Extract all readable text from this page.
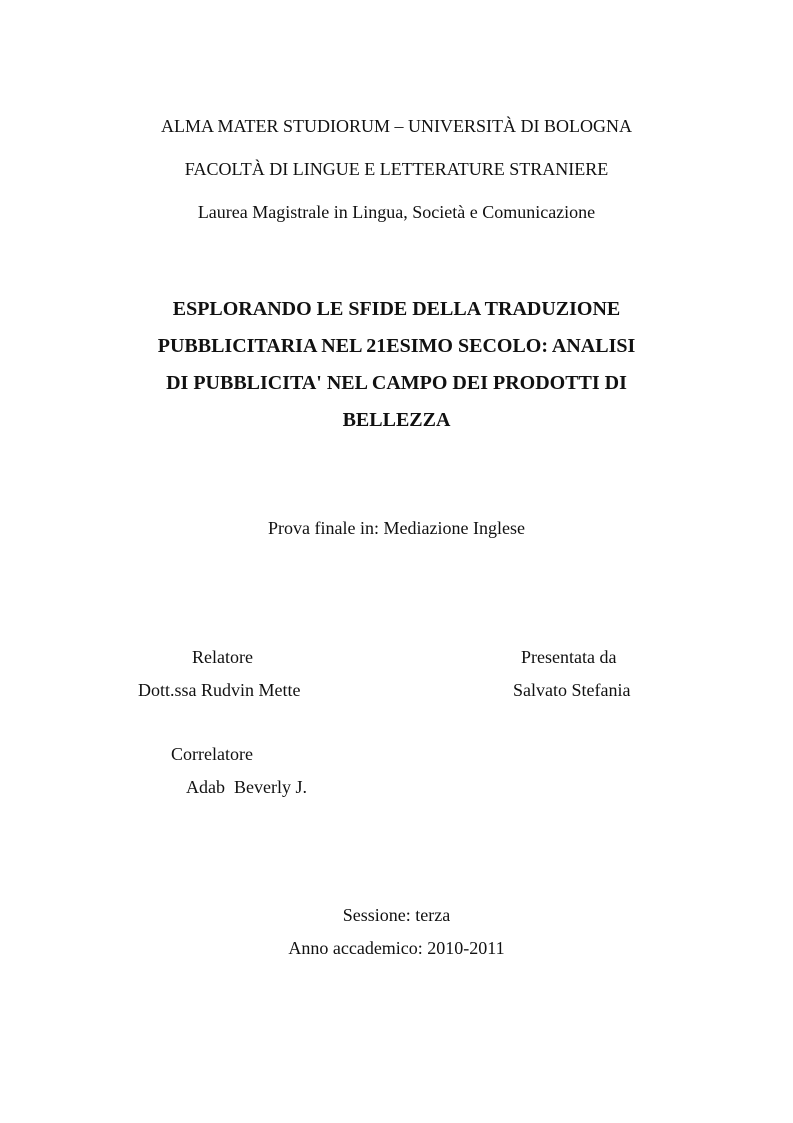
ALMA MATER STUDIORUM – UNIVERSITÀ DI BOLOGNA
FACOLTÀ DI LINGUE E LETTERATURE STRANIERE
Laurea Magistrale in Lingua, Società e Comunicazione
ESPLORANDO LE SFIDE DELLA TRADUZIONE
PUBBLICITARIA NEL 21ESIMO SECOLO: ANALISI
DI PUBBLICITA' NEL CAMPO DEI PRODOTTI DI
BELLEZZA
Prova finale in: Mediazione Inglese
Relatore
Dott.ssa Rudvin Mette
Presentata da
Salvato Stefania
Correlatore
Adab  Beverly J.
Sessione: terza
Anno accademico: 2010-2011
